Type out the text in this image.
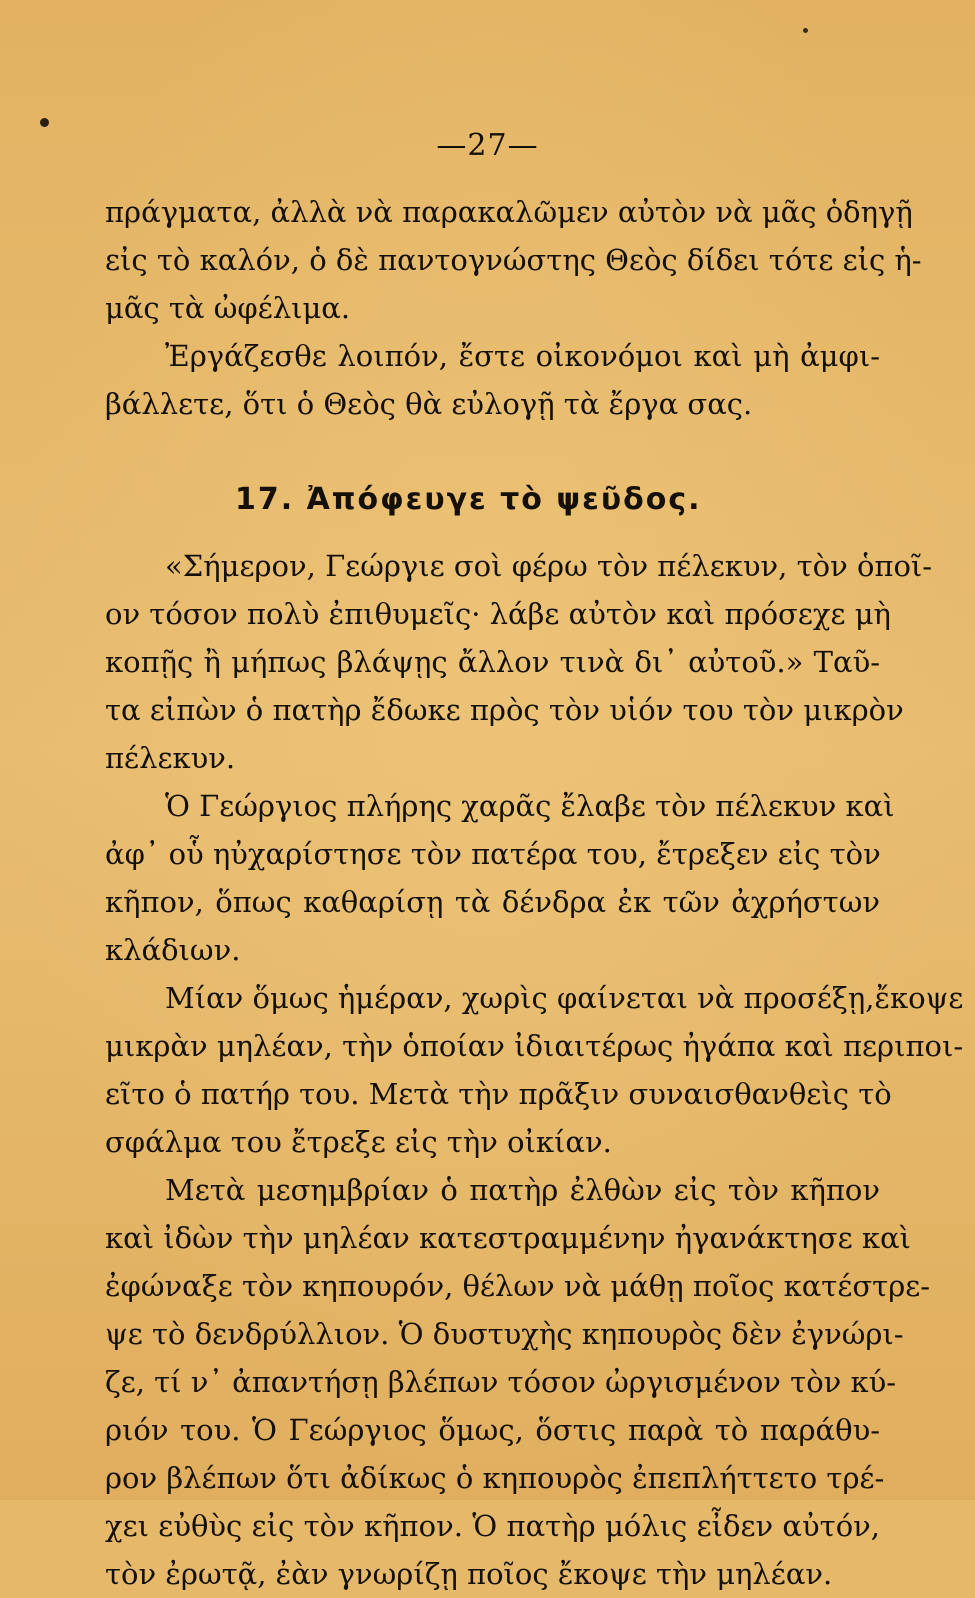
—27—
πράγματα, ἀλλὰ νὰ παρακαλῶμεν αὐτὸν νὰ μᾶς ὁδηγῇ
εἰς τὸ καλόν, ὁ δὲ παντογνώστης Θεὸς δίδει τότε εἰς ἡ-
μᾶς τὰ ὠφέλιμα.
Ἐργάζεσθε λοιπόν, ἔστε οἰκονόμοι καὶ μὴ ἀμφι-
βάλλετε, ὅτι ὁ Θεὸς θὰ εὐλογῇ τὰ ἔργα σας.
17. Ἀπόφευγε τὸ ψεῦδος.
«Σήμερον, Γεώργιε σοὶ φέρω τὸν πέλεκυν, τὸν ὁποῖ-
ον τόσον πολὺ ἐπιθυμεῖς· λάβε αὐτὸν καὶ πρόσεχε μὴ
κοπῇς ἢ μήπως βλάψῃς ἄλλον τινὰ δι᾽ αὐτοῦ.» Ταῦ-
τα εἰπὼν ὁ πατὴρ ἔδωκε πρὸς τὸν υἱόν του τὸν μικρὸν
πέλεκυν.
Ὁ Γεώργιος πλήρης χαρᾶς ἔλαβε τὸν πέλεκυν καὶ
ἀφ᾽ οὗ ηὐχαρίστησε τὸν πατέρα του, ἔτρεξεν εἰς τὸν
κῆπον, ὅπως καθαρίσῃ τὰ δένδρα ἐκ τῶν ἀχρήστων
κλάδιων.
Μίαν ὅμως ἡμέραν, χωρὶς φαίνεται νὰ προσέξῃ,ἔκοψε
μικρὰν μηλέαν, τὴν ὁποίαν ἰδιαιτέρως ἠγάπα καὶ περιποι-
εῖτο ὁ πατήρ του. Μετὰ τὴν πρᾶξιν συναισθανθεὶς τὸ
σφάλμα του ἔτρεξε εἰς τὴν οἰκίαν.
Μετὰ μεσημβρίαν ὁ πατὴρ ἐλθὼν εἰς τὸν κῆπον
καὶ ἰδὼν τὴν μηλέαν κατεστραμμένην ἠγανάκτησε καὶ
ἐφώναξε τὸν κηπουρόν, θέλων νὰ μάθῃ ποῖος κατέστρε-
ψε τὸ δενδρύλλιον. Ὁ δυστυχὴς κηπουρὸς δὲν ἐγνώρι-
ζε, τί ν᾽ ἀπαντήσῃ βλέπων τόσον ὠργισμένον τὸν κύ-
ριόν του. Ὁ Γεώργιος ὅμως, ὅστις παρὰ τὸ παράθυ-
ρον βλέπων ὅτι ἀδίκως ὁ κηπουρὸς ἐπεπλήττετο τρέ-
χει εὐθὺς εἰς τὸν κῆπον. Ὁ πατὴρ μόλις εἶδεν αὐτόν,
τὸν ἐρωτᾷ, ἐὰν γνωρίζῃ ποῖος ἔκοψε τὴν μηλέαν.
